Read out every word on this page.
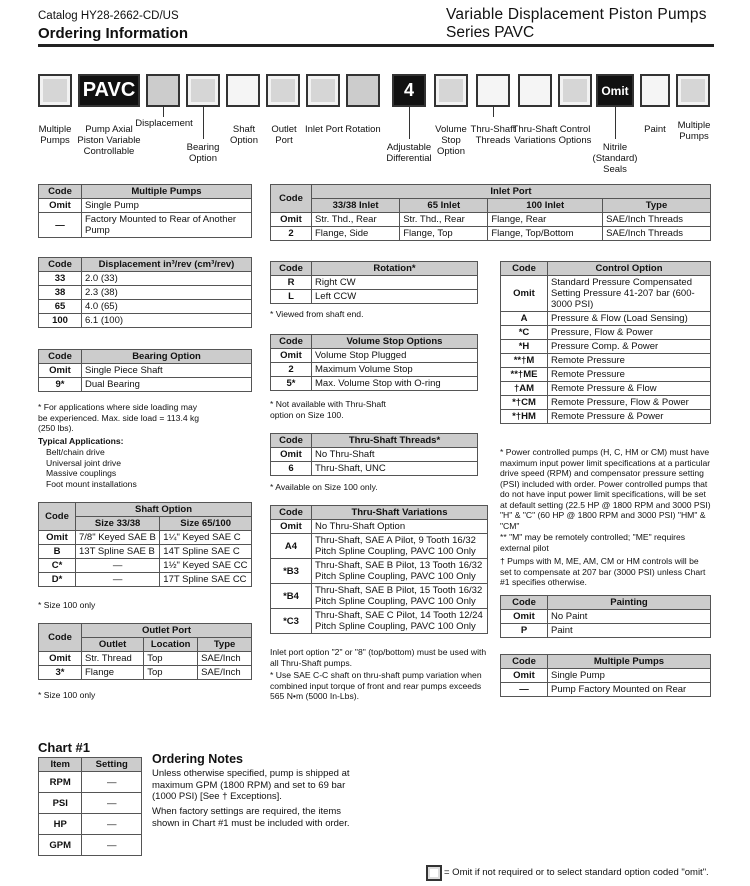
Catalog HY28-2662-CD/US
Ordering Information
Variable Displacement Piston Pumps
Series PAVC
PAVC	4	Omit
Multiple Pumps
Pump Axial Piston Variable Controllable
Displacement
Bearing Option
Shaft Option
Outlet Port
Inlet Port Rotation
Adjustable Differential
Volume Stop Option
Thru-Shaft Threads
Thru-Shaft Variations
Control Options
Nitrile (Standard) Seals
Paint	Multiple Pumps
Code	Multiple Pumps
Omit	Single Pump
—	Factory Mounted to Rear of Another Pump
Code	Displacement in³/rev (cm³/rev)
33	2.0 (33)
38	2.3 (38)
65	4.0 (65)
100	6.1 (100)
Code	Bearing Option
Omit	Single Piece Shaft
9*	Dual Bearing
* For applications where side loading may be experienced. Max. side load = 113.4 kg (250 lbs).
Typical Applications:
Belt/chain drive
Universal joint drive
Massive couplings
Foot mount installations
Code	Shaft Option	
	Size 33/38	Size 65/100
Omit	7/8" Keyed SAE B	1¼" Keyed SAE C
B	13T Spline SAE B	14T Spline SAE C
C*	—	1½" Keyed SAE CC
D*	—	17T Spline SAE CC
* Size 100 only
Code	Outlet Port		
	Outlet	Location	Type
Omit	Str. Thread	Top	SAE/Inch
3*	Flange	Top	SAE/Inch
* Size 100 only
Code	Inlet Port			
	33/38 Inlet	65 Inlet	100 Inlet	Type
Omit	Str. Thd., Rear	Str. Thd., Rear	Flange, Rear	SAE/Inch Threads
2	Flange, Side	Flange, Top	Flange, Top/Bottom	SAE/Inch Threads
Code	Rotation*
R	Right CW
L	Left CCW
* Viewed from shaft end.
Code	Volume Stop Options
Omit	Volume Stop Plugged
2	Maximum Volume Stop
5*	Max. Volume Stop with O-ring
* Not available with Thru-Shaft option on Size 100.
Code	Thru-Shaft Threads*
Omit	No Thru-Shaft
6	Thru-Shaft, UNC
* Available on Size 100 only.
Code	Thru-Shaft Variations
Omit	No Thru-Shaft Option
A4	Thru-Shaft, SAE A Pilot, 9 Tooth 16/32 Pitch Spline Coupling, PAVC 100 Only
*B3	Thru-Shaft, SAE B Pilot, 13 Tooth 16/32 Pitch Spline Coupling, PAVC 100 Only
*B4	Thru-Shaft, SAE B Pilot, 15 Tooth 16/32 Pitch Spline Coupling, PAVC 100 Only
*C3	Thru-Shaft, SAE C Pilot, 14 Tooth 12/24 Pitch Spline Coupling, PAVC 100 Only
Inlet port option "2" or "8" (top/bottom) must be used with all Thru-Shaft pumps.
* Use SAE C-C shaft on thru-shaft pump variation when combined input torque of front and rear pumps exceeds 565 N•m (5000 In-Lbs).
Code	Control Option
Omit	Standard Pressure Compensated Setting Pressure 41-207 bar (600-3000 PSI)
A	Pressure & Flow (Load Sensing)
*C	Pressure, Flow & Power
*H	Pressure Comp. & Power
**†M	Remote Pressure
**†ME	Remote Pressure
†AM	Remote Pressure & Flow
*†CM	Remote Pressure, Flow & Power
*†HM	Remote Pressure & Power
* Power controlled pumps (H, C, HM or CM) must have maximum input power limit specifications at a particular drive speed (RPM) and compensator pressure setting (PSI) included with order. Power controlled pumps that do not have input power limit specifications, will be set at default setting (22.5 HP @ 1800 RPM and 3000 PSI) "H" & "C" (60 HP @ 1800 RPM and 3000 PSI) "HM" & "CM"
** "M" may be remotely controlled; "ME" requires external pilot
† Pumps with M, ME, AM, CM or HM controls will be set to compensate at 207 bar (3000 PSI) unless Chart #1 specifies otherwise.
Code	Painting
Omit	No Paint
P	Paint
Code	Multiple Pumps
Omit	Single Pump
—	Pump Factory Mounted on Rear
Chart #1
Item	Setting
RPM	—
PSI	—
HP	—
GPM	—
Ordering Notes
Unless otherwise specified, pump is shipped at maximum GPM (1800 RPM) and set to 69 bar (1000 PSI) [See † Exceptions].
When factory settings are required, the items shown in Chart #1 must be included with order.
= Omit if not required or to select standard option coded "omit".
